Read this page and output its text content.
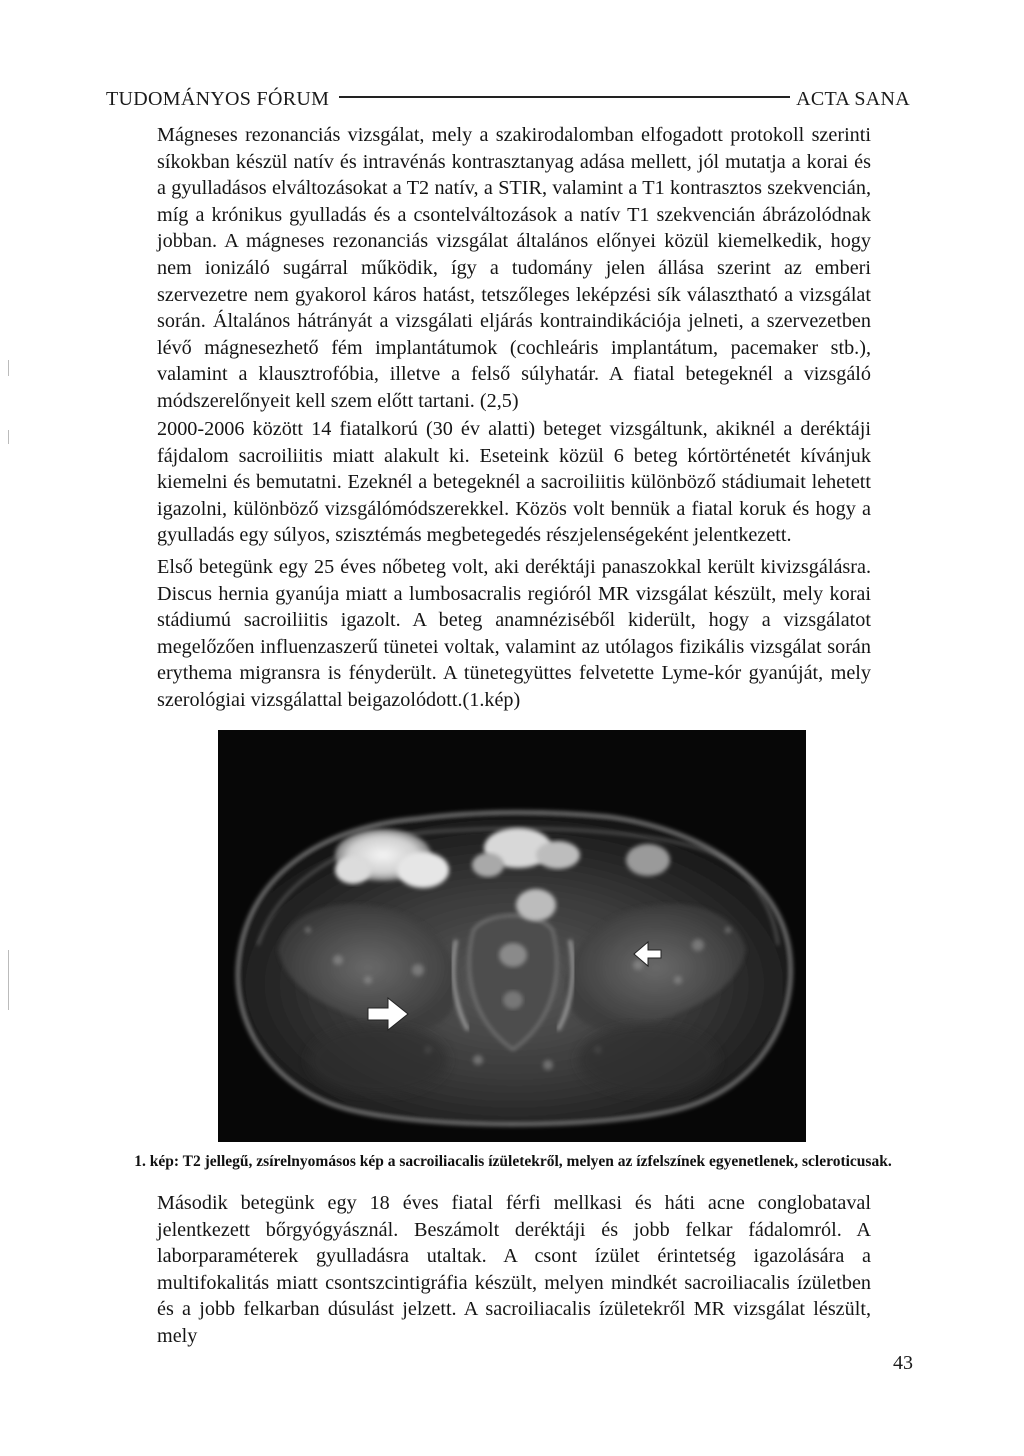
TUDOMÁNYOS FÓRUM	ACTA SANA

Mágneses rezonanciás vizsgálat, mely a szakirodalomban elfogadott protokoll szerinti síkokban készül natív és intravénás kontrasztanyag adása mellett, jól mutatja a korai és a gyulladásos elváltozásokat a T2 natív, a STIR, valamint a T1 kontrasztos szekvencián, míg a krónikus gyulladás és a csontelváltozások a natív T1 szekvencián ábrázolódnak jobban. A mágneses rezonanciás vizsgálat általános előnyei közül kiemelkedik, hogy nem ionizáló sugárral működik, így a tudomány jelen állása szerint az emberi szervezetre nem gyakorol káros hatást, tetszőleges leképzési sík választható a vizsgálat során. Általános hátrányát a vizsgálati eljárás kontraindikációja jelneti, a szervezetben lévő mágnesezhető fém implantátumok (cochleáris implantátum, pacemaker stb.), valamint a klausztrofóbia, illetve a felső súlyhatár. A fiatal betegeknél a vizsgáló módszerelőnyeit kell szem előtt tartani. (2,5)

2000-2006 között 14 fiatalkorú (30 év alatti) beteget vizsgáltunk, akiknél a deréktáji fájdalom sacroiliitis miatt alakult ki. Eseteink közül 6 beteg kórtörténetét kívánjuk kiemelni és bemutatni. Ezeknél a betegeknél a sacroiliitis különböző stádiumait lehetett igazolni, különböző vizsgálómódszerekkel. Közös volt bennük a fiatal koruk és hogy a gyulladás egy súlyos, szisztémás megbetegedés részjelenségeként jelentkezett.

Első betegünk egy 25 éves nőbeteg volt, aki deréktáji panaszokkal került kivizsgálásra. Discus hernia gyanúja miatt a lumbosacralis regióról MR vizsgálat készült, mely korai stádiumú sacroiliitis igazolt. A beteg anamnéziséből kiderült, hogy a vizsgálatot megelőzően influenzaszerű tünetei voltak, valamint az utólagos fizikális vizsgálat során erythema migransra is fényderült. A tünetegyüttes felvetette Lyme-kór gyanúját, mely szerológiai vizsgálattal beigazolódott.(1.kép)

1. kép: T2 jellegű, zsírelnyomásos kép a sacroiliacalis ízületekről, melyen az ízfelszínek egyenetlenek, scleroticusak.

Második betegünk egy 18 éves fiatal férfi mellkasi és háti acne conglobataval jelentkezett bőrgyógyásznál. Beszámolt deréktáji és jobb felkar fádalomról. A laborparaméterek gyulladásra utaltak. A csont ízület érintetség igazolására a multifokalitás miatt csontszcintigráfia készült, melyen mindkét sacroiliacalis ízületben és a jobb felkarban dúsulást jelzett. A sacroiliacalis ízületekről MR vizsgálat lészült, mely

43
